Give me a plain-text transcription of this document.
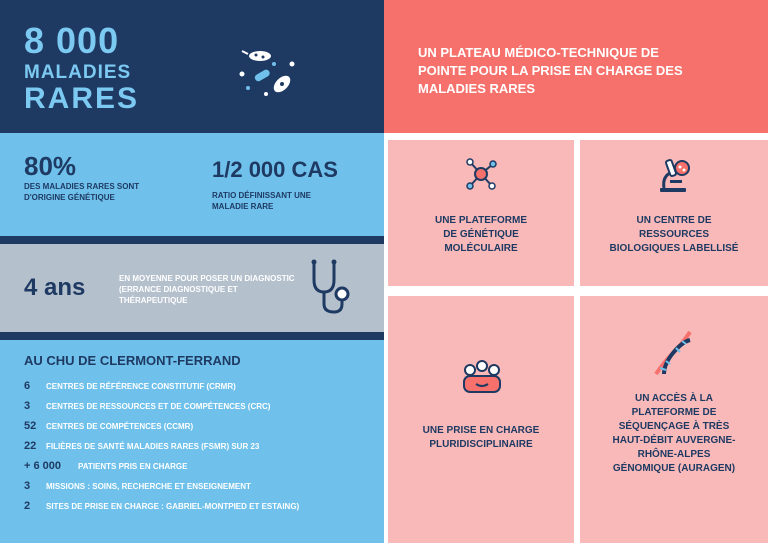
8 000
MALADIES
RARES
UN PLATEAU MÉDICO-TECHNIQUE DE POINTE POUR LA PRISE EN CHARGE DES MALADIES RARES
80%
DES MALADIES RARES SONT D'ORIGINE GÉNÉTIQUE
1/2 000 CAS
RATIO DÉFINISSANT UNE MALADIE RARE
4 ans	EN MOYENNE POUR POSER UN DIAGNOSTIC (ERRANCE DIAGNOSTIQUE ET THÉRAPEUTIQUE
AU CHU DE CLERMONT-FERRAND
6 CENTRES DE RÉFÉRENCE CONSTITUTIF (CRMR)
3 CENTRES DE RESSOURCES ET DE COMPÉTENCES (CRC)
52 CENTRES DE COMPÉTENCES (CCMR)
22 FILIÈRES DE SANTÉ MALADIES RARES (FSMR) SUR 23
+ 6 000 PATIENTS PRIS EN CHARGE
3 MISSIONS : SOINS, RECHERCHE ET ENSEIGNEMENT
2 SITES DE PRISE EN CHARGE : GABRIEL-MONTPIED ET ESTAING)
UNE PLATEFORME
DE GÉNÉTIQUE
MOLÉCULAIRE
UN CENTRE DE
RESSOURCES
BIOLOGIQUES LABELLISÉ
UNE PRISE EN CHARGE
PLURIDISCIPLINAIRE
UN ACCÈS À LA
PLATEFORME DE
SÉQUENÇAGE À TRÈS
HAUT-DÉBIT AUVERGNE-
RHÔNE-ALPES
GÉNOMIQUE (AURAGEN)
